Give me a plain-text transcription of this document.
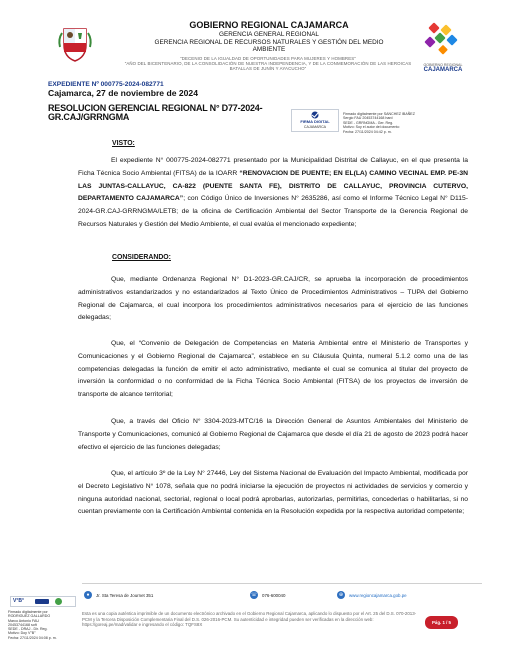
GOBIERNO REGIONAL CAJAMARCA
GERENCIA GENERAL REGIONAL
GERENCIA REGIONAL DE RECURSOS NATURALES Y GESTIÓN DEL MEDIO AMBIENTE
"DECENIO DE LA IGUALDAD DE OPORTUNIDADES PARA MUJERES Y HOMBRES"
"AÑO DEL BICENTENARIO, DE LA CONSOLIDACIÓN DE NUESTRA INDEPENDENCIA, Y DE LA CONMEMORACIÓN DE LAS HEROICAS BATALLAS DE JUNÍN Y AYACUCHO"
GOBIERNO REGIONAL
CAJAMARCA
EXPEDIENTE Nº 000775-2024-082771
Cajamarca, 27 de noviembre de 2024
RESOLUCION GERENCIAL REGIONAL N° D77-2024-GR.CAJ/GRRNGMA	FIRMA DIGITAL
CAJAMARCA
Firmado digitalmente por SANCHEZ IBAÑEZ
Sergio FAU 20453744168 hard
SEDE - GRRNGMA - Ger. Reg.
Motivo: Soy el autor del documento
Fecha: 27/11/2024 04:42 p. m.
VISTO:

El expediente N° 000775-2024-082771 presentado por la Municipalidad Distrital de Callayuc, en el que presenta la Ficha Técnica Socio Ambiental (FITSA) de la IOARR “RENOVACION DE PUENTE; EN EL(LA) CAMINO VECINAL EMP. PE-3N LAS JUNTAS-CALLAYUC, CA-822 (PUENTE SANTA FE), DISTRITO DE CALLAYUC, PROVINCIA CUTERVO, DEPARTAMENTO CAJAMARCA”; con Código Único de Inversiones N° 2635286, así como el Informe Técnico Legal N° D115-2024-GR.CAJ-GRRNGMA/LETB; de la oficina de Certificación Ambiental del Sector Transporte de la Gerencia Regional de Recursos Naturales y Gestión del Medio Ambiente, el cual evalúa el mencionado expediente;

CONSIDERANDO:

Que, mediante Ordenanza Regional N° D1-2023-GR.CAJ/CR, se aprueba la incorporación de procedimientos administrativos estandarizados y no estandarizados al Texto Único de Procedimientos Administrativos – TUPA del Gobierno Regional de Cajamarca, el cual incorpora los procedimientos administrativos necesarios para el ejercicio de las funciones delegadas;

Que, el “Convenio de Delegación de Competencias en Materia Ambiental entre el Ministerio de Transportes y Comunicaciones y el Gobierno Regional de Cajamarca”, establece en su Cláusula Quinta, numeral 5.1.2 como una de las competencias delegadas la función de emitir el acto administrativo, mediante el cual se comunica al titular del proyecto de inversión la conformidad o no conformidad de la Ficha Técnica Socio Ambiental (FITSA) de los proyectos de inversión de transporte de alcance territorial;

Que, a través del Oficio N° 3304-2023-MTC/16 la Dirección General de Asuntos Ambientales del Ministerio de Transporte y Comunicaciones, comunicó al Gobierno Regional de Cajamarca que desde el día 21 de agosto de 2023 podrá hacer efectivo el ejercicio de las funciones delegadas;

Que, el artículo 3º de la Ley N° 27446, Ley del Sistema Nacional de Evaluación del Impacto Ambiental, modificada por el Decreto Legislativo N° 1078, señala que no podrá iniciarse la ejecución de proyectos ni actividades de servicios y comercio y ninguna autoridad nacional, sectorial, regional o local podrá aprobarlas, autorizarlas, permitirlas, concederlas o habilitarlas, si no cuentan previamente con la Certificación Ambiental contenida en la Resolución expedida por la respectiva autoridad competente;

●	Jr. Sta Teresa de Journet 351	☏ 076-600040	⊕	www.regioncajamarca.gob.pe
Esta es una copia auténtica imprimible de un documento electrónico archivado en el Gobierno Regional Cajamarca, aplicando lo dispuesto por el Art. 25 del D.S. 070-2013-PCM y la Tercera Disposición Complementaria Final del D.S. 026-2016-PCM. Su autenticidad e integridad pueden ser verificadas en la dirección web: https://goreaj.pe/mad/validar e ingresando el código: TQFS8X	Pág. 1 / 5
V°B°
Firmado digitalmente por
RODRIGUEZ GALLARDO
Marco Antonio FAU
20453744168 soft
SEDE - DRAJ - Dir. Reg.
Motivo: Doy V°B°
Fecha: 27/11/2024 04:08 p. m.
